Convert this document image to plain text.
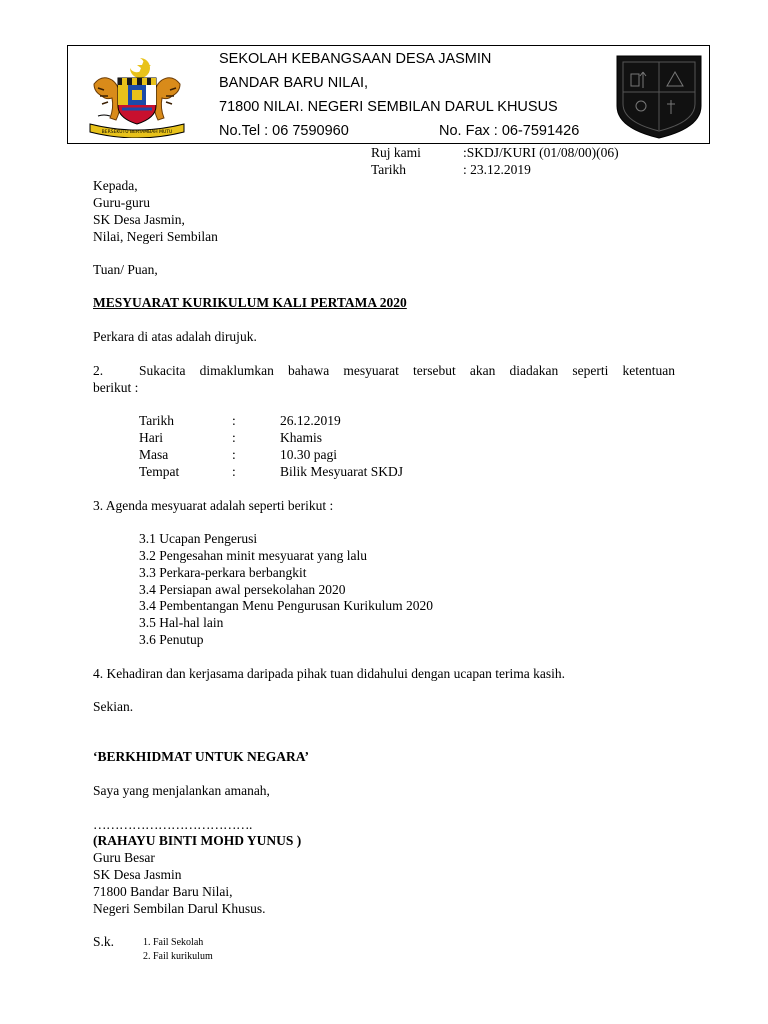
BERSEKUTU BERTAMBAH MUTU
SEKOLAH KEBANGSAAN DESA JASMIN
BANDAR BARU NILAI,
71800 NILAI. NEGERI SEMBILAN DARUL KHUSUS
No.Tel : 06 7590960	No. Fax : 06-7591426
Ruj kami	:SKDJ/KURI (01/08/00)(06)
Tarikh	: 23.12.2019
Kepada,
Guru-guru
SK Desa Jasmin,
Nilai, Negeri Sembilan
Tuan/ Puan,
MESYUARAT KURIKULUM KALI PERTAMA 2020
Perkara di atas adalah dirujuk.
2.	Sukacita dimaklumkan bahawa mesyuarat tersebut akan diadakan seperti ketentuan
berikut :
Tarikh	:	26.12.2019
Hari	:	Khamis
Masa	:	10.30 pagi
Tempat	:	Bilik Mesyuarat SKDJ
3. Agenda mesyuarat adalah seperti berikut :
3.1 Ucapan Pengerusi
3.2 Pengesahan minit mesyuarat yang lalu
3.3 Perkara-perkara berbangkit
3.4 Persiapan awal persekolahan 2020
3.4 Pembentangan Menu Pengurusan Kurikulum 2020
3.5 Hal-hal lain
3.6 Penutup
4. Kehadiran dan kerjasama daripada pihak tuan didahului dengan ucapan terima kasih.
Sekian.
‘BERKHIDMAT UNTUK NEGARA’
Saya yang menjalankan amanah,
……………………………….
(RAHAYU BINTI MOHD YUNUS )
Guru Besar
SK Desa Jasmin
71800 Bandar Baru Nilai,
Negeri Sembilan Darul Khusus.
S.k.	1. Fail Sekolah
2. Fail kurikulum
